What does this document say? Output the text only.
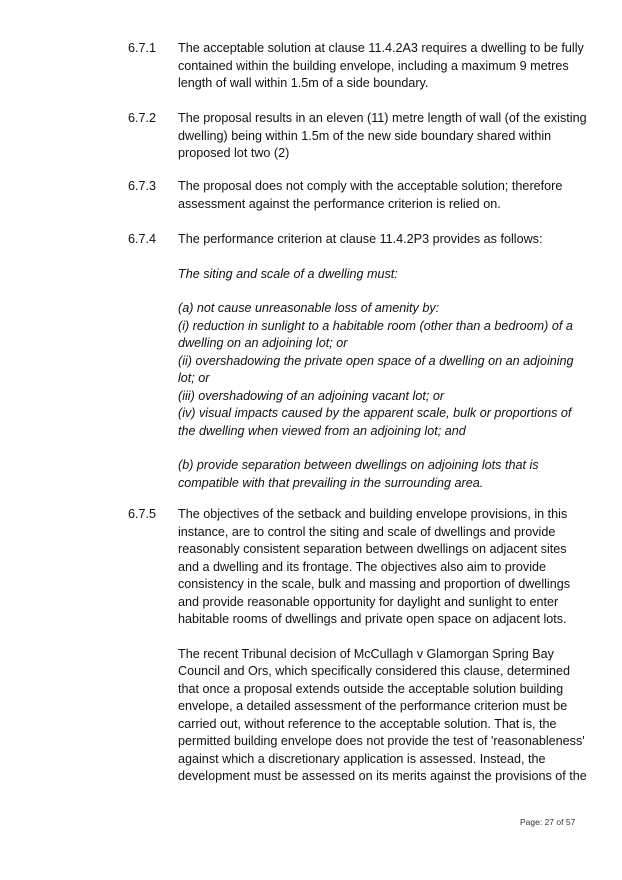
6.7.1	The acceptable solution at clause 11.4.2A3 requires a dwelling to be fully
contained within the building envelope, including a maximum 9 metres
length of wall within 1.5m of a side boundary.
6.7.2	The proposal results in an eleven (11) metre length of wall (of the existing
dwelling) being within 1.5m of the new side boundary shared within
proposed lot two (2)
6.7.3	The proposal does not comply with the acceptable solution; therefore
assessment against the performance criterion is relied on.
6.7.4	The performance criterion at clause 11.4.2P3 provides as follows:
The siting and scale of a dwelling must:
(a) not cause unreasonable loss of amenity by:
(i) reduction in sunlight to a habitable room (other than a bedroom) of a
dwelling on an adjoining lot; or
(ii) overshadowing the private open space of a dwelling on an adjoining
lot; or
(iii) overshadowing of an adjoining vacant lot; or
(iv) visual impacts caused by the apparent scale, bulk or proportions of
the dwelling when viewed from an adjoining lot; and
(b) provide separation between dwellings on adjoining lots that is
compatible with that prevailing in the surrounding area.
6.7.5	The objectives of the setback and building envelope provisions, in this
instance, are to control the siting and scale of dwellings and provide
reasonably consistent separation between dwellings on adjacent sites
and a dwelling and its frontage. The objectives also aim to provide
consistency in the scale, bulk and massing and proportion of dwellings
and provide reasonable opportunity for daylight and sunlight to enter
habitable rooms of dwellings and private open space on adjacent lots.
The recent Tribunal decision of McCullagh v Glamorgan Spring Bay
Council and Ors, which specifically considered this clause, determined
that once a proposal extends outside the acceptable solution building
envelope, a detailed assessment of the performance criterion must be
carried out, without reference to the acceptable solution. That is, the
permitted building envelope does not provide the test of 'reasonableness'
against which a discretionary application is assessed. Instead, the
development must be assessed on its merits against the provisions of the
Page: 27 of 57
